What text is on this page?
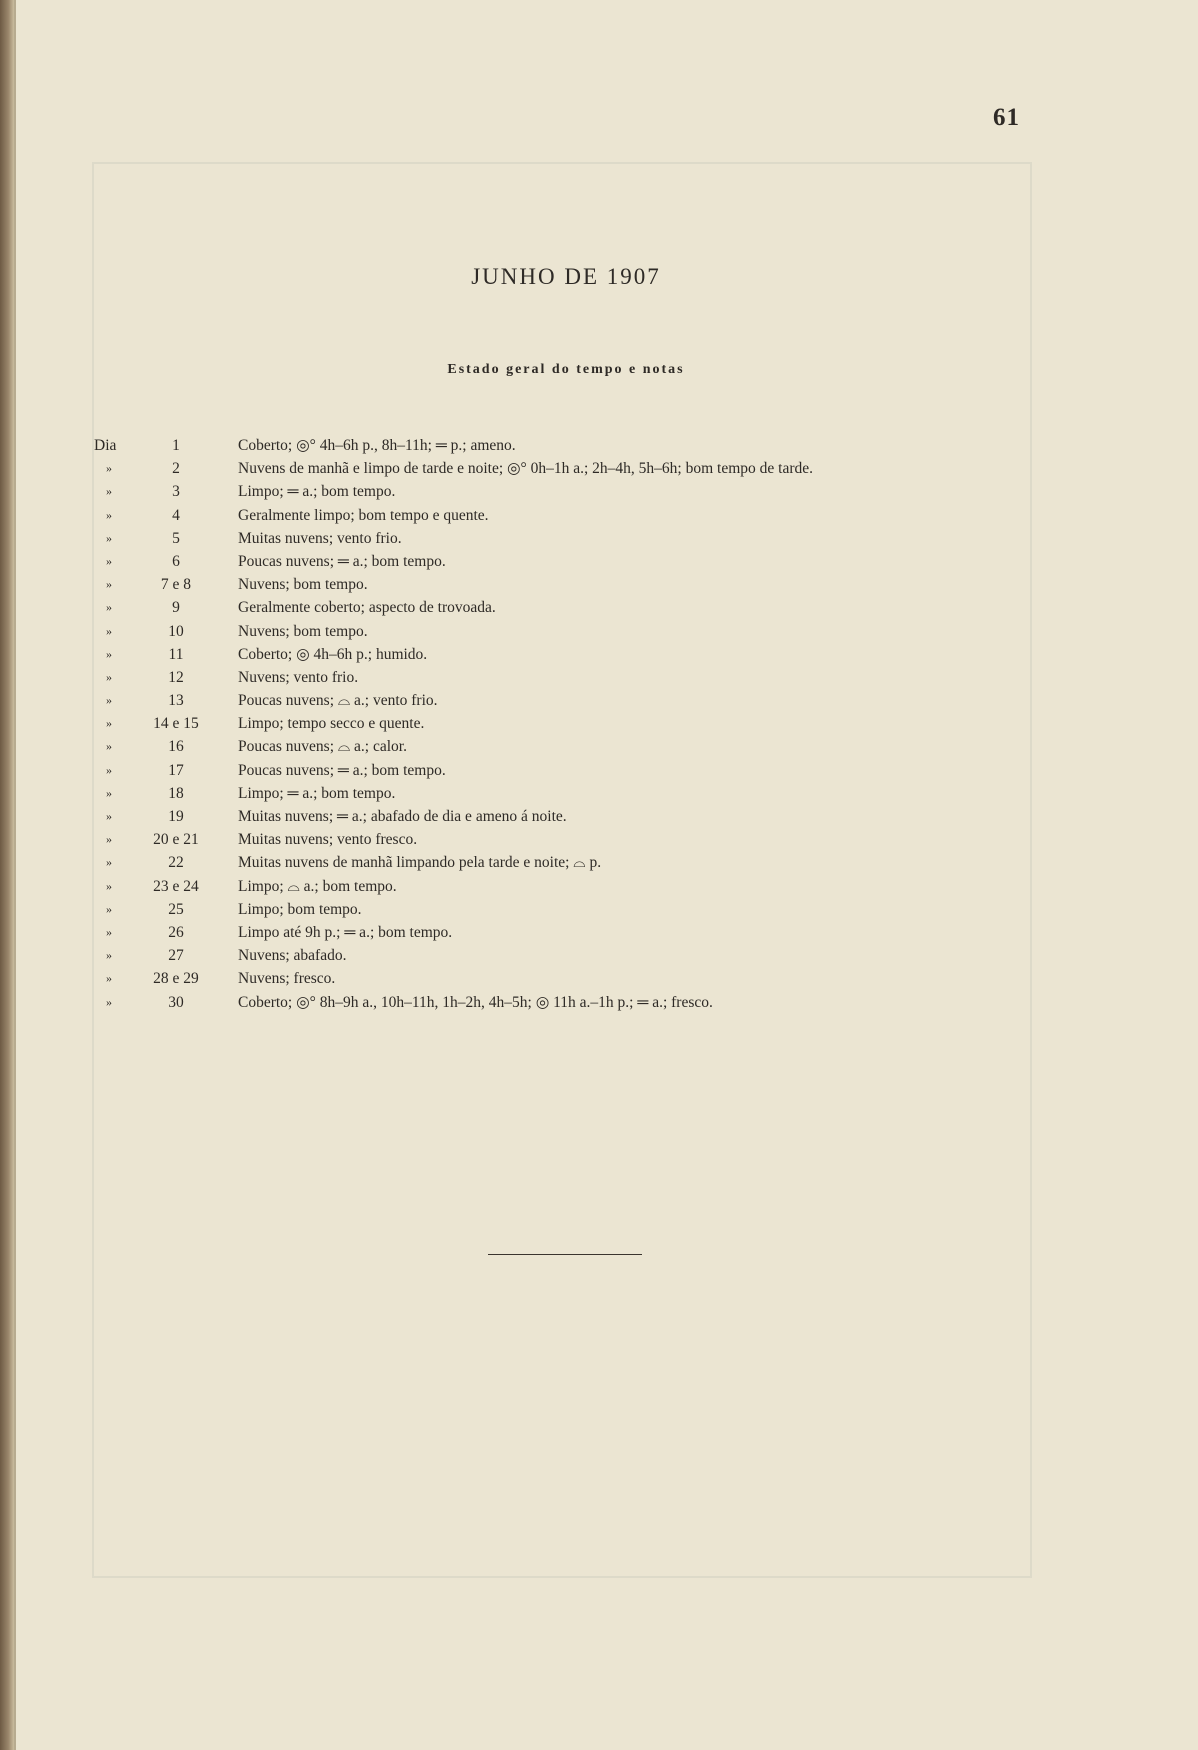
61
JUNHO DE 1907
Estado geral do tempo e notas
Dia	1	Coberto; ◎° 4h–6h p., 8h–11h; ═ p.; ameno.
»	2	Nuvens de manhã e limpo de tarde e noite; ◎° 0h–1h a.; 2h–4h, 5h–6h; bom tempo de tarde.
»	3	Limpo; ═ a.; bom tempo.
»	4	Geralmente limpo; bom tempo e quente.
»	5	Muitas nuvens; vento frio.
»	6	Poucas nuvens; ═ a.; bom tempo.
»	7 e 8	Nuvens; bom tempo.
»	9	Geralmente coberto; aspecto de trovoada.
»	10	Nuvens; bom tempo.
»	11	Coberto; ◎ 4h–6h p.; humido.
»	12	Nuvens; vento frio.
»	13	Poucas nuvens; ⌓ a.; vento frio.
»	14 e 15	Limpo; tempo secco e quente.
»	16	Poucas nuvens; ⌓ a.; calor.
»	17	Poucas nuvens; ═ a.; bom tempo.
»	18	Limpo; ═ a.; bom tempo.
»	19	Muitas nuvens; ═ a.; abafado de dia e ameno á noite.
»	20 e 21	Muitas nuvens; vento fresco.
»	22	Muitas nuvens de manhã limpando pela tarde e noite; ⌓ p.
»	23 e 24	Limpo; ⌓ a.; bom tempo.
»	25	Limpo; bom tempo.
»	26	Limpo até 9h p.; ═ a.; bom tempo.
»	27	Nuvens; abafado.
»	28 e 29	Nuvens; fresco.
»	30	Coberto; ◎° 8h–9h a., 10h–11h, 1h–2h, 4h–5h; ◎ 11h a.–1h p.; ═ a.; fresco.
